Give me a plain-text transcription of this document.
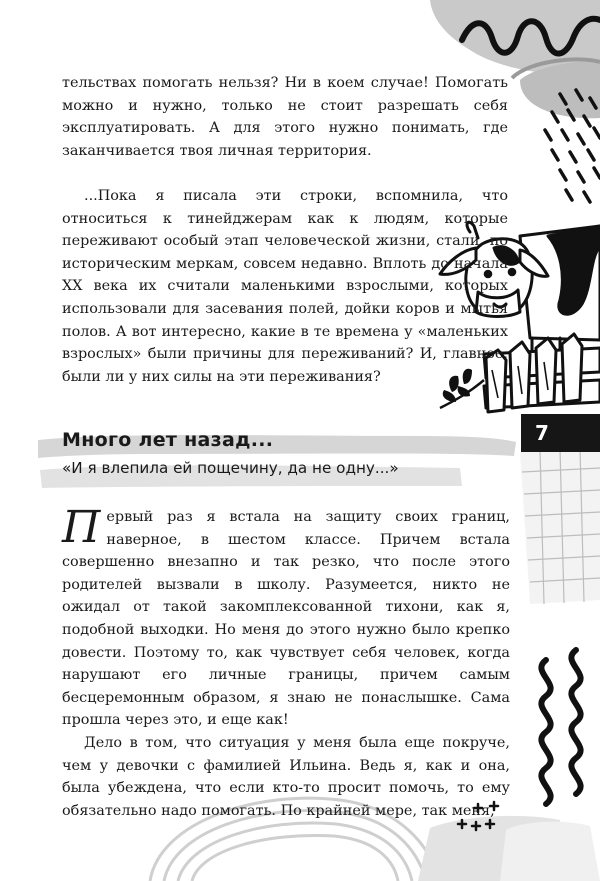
тельствах помогать нельзя? Ни в коем случае! Помогать можно и нужно, только не стоит разрешать себя эксплуатировать. А для этого нужно понимать, где заканчивается твоя личная территория.

...Пока я писала эти строки, вспомнила, что относиться к тинейджерам как к людям, которые переживают особый этап человеческой жизни, стали, по историческим меркам, совсем недавно. Вплоть до начала XX века их считали маленькими взрослыми, которых использовали для засевания полей, дойки коров и мытья полов. А вот интересно, какие в те времена у «маленьких взрослых» были причины для переживаний? И, главное, были ли у них силы на эти переживания?

Много лет назад...
«И я влепила ей пощечину, да не одну...»

Первый раз я встала на защиту своих границ, наверное, в шестом классе. Причем встала совершенно внезапно и так резко, что после этого родителей вызвали в школу. Разумеется, никто не ожидал от такой закомплексованной тихони, как я, подобной выходки. Но меня до этого нужно было крепко довести. Поэтому то, как чувствует себя человек, когда нарушают его личные границы, причем самым бесцеремонным образом, я знаю не понаслышке. Сама прошла через это, и еще как!

Дело в том, что ситуация у меня была еще покруче, чем у девочки с фамилией Ильина. Ведь я, как и она, была убеждена, что если кто-то просит помочь, то ему обязательно надо помогать. По крайней мере, так меня,

7
